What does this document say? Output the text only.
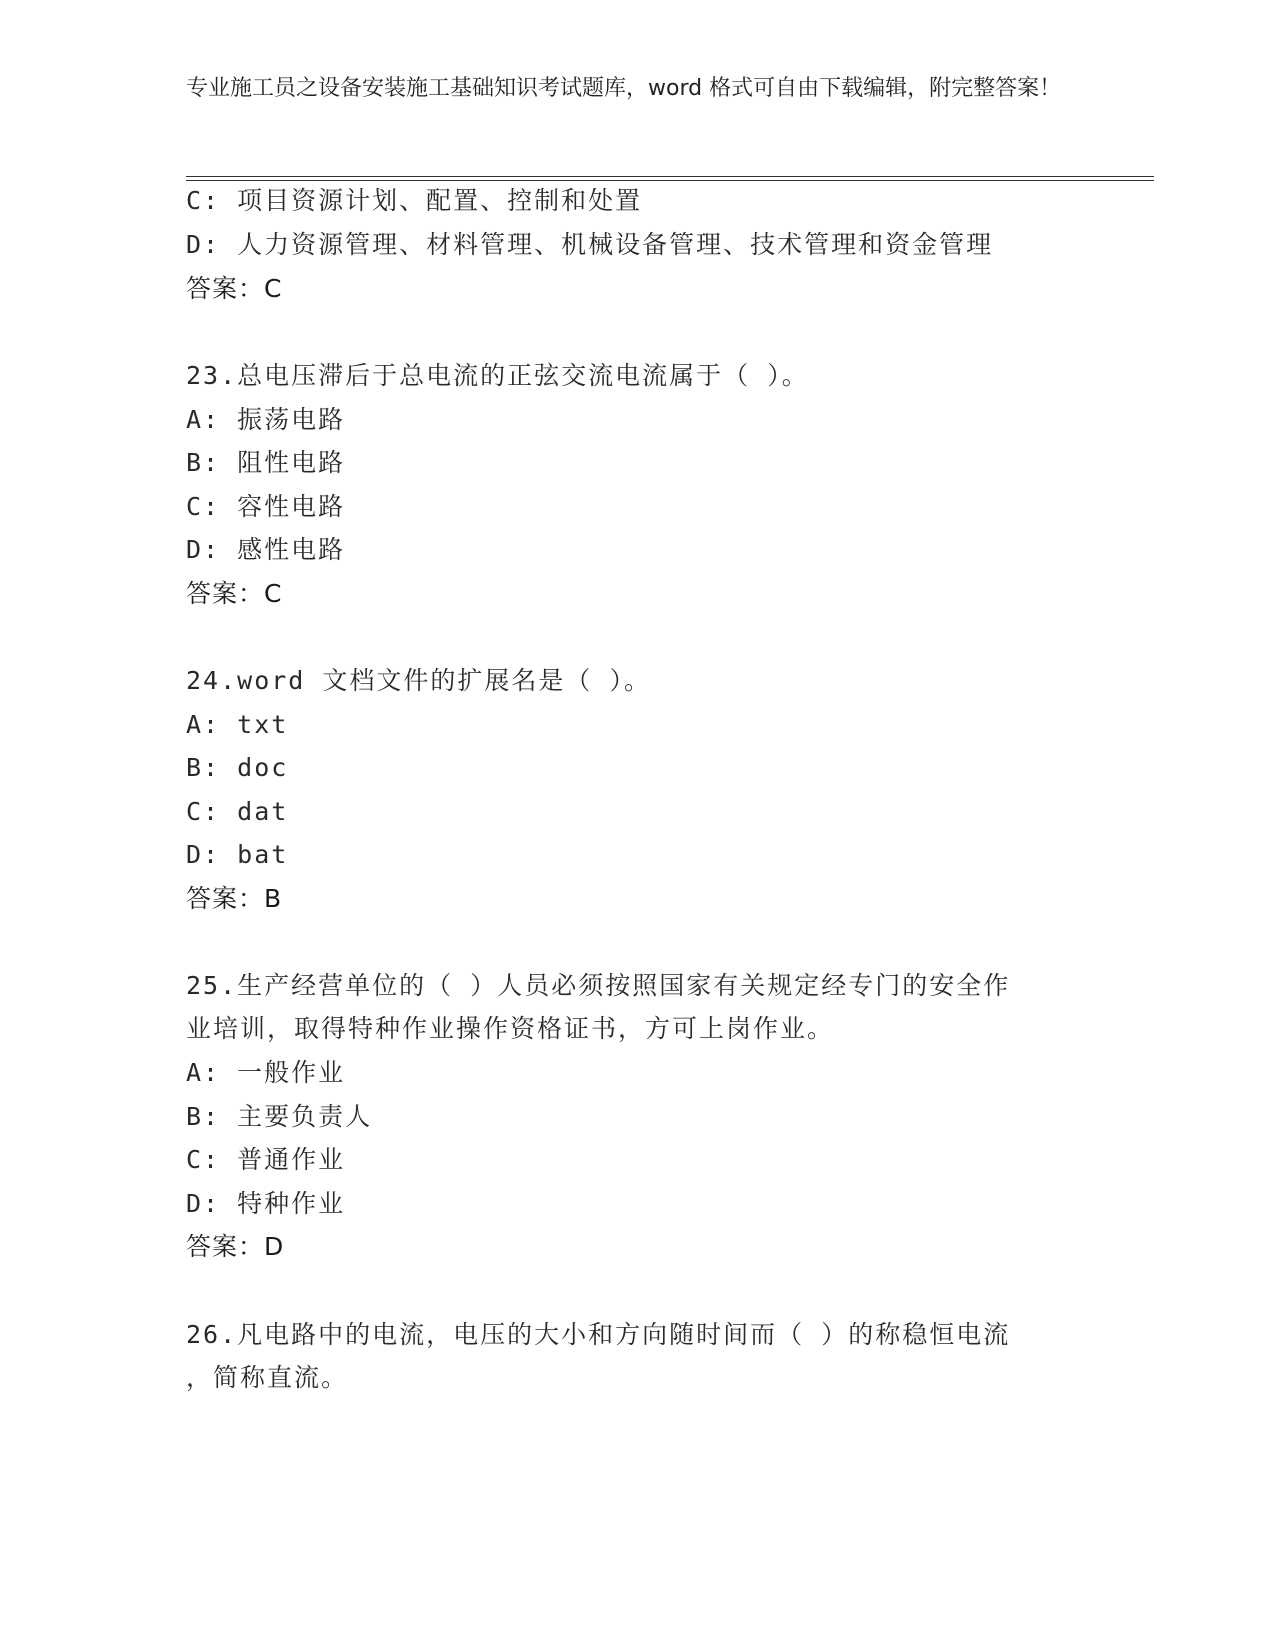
专业施工员之设备安装施工基础知识考试题库，word 格式可自由下载编辑，附完整答案！
C: 项目资源计划、配置、控制和处置
D: 人力资源管理、材料管理、机械设备管理、技术管理和资金管理
答案：C
23.总电压滞后于总电流的正弦交流电流属于（ ）。
A: 振荡电路
B: 阻性电路
C: 容性电路
D: 感性电路
答案：C
24.word 文档文件的扩展名是（ ）。
A: txt
B: doc
C: dat
D: bat
答案：B
25.生产经营单位的（ ）人员必须按照国家有关规定经专门的安全作
业培训，取得特种作业操作资格证书，方可上岗作业。
A: 一般作业
B: 主要负责人
C: 普通作业
D: 特种作业
答案：D
26.凡电路中的电流，电压的大小和方向随时间而（ ）的称稳恒电流
，简称直流。
